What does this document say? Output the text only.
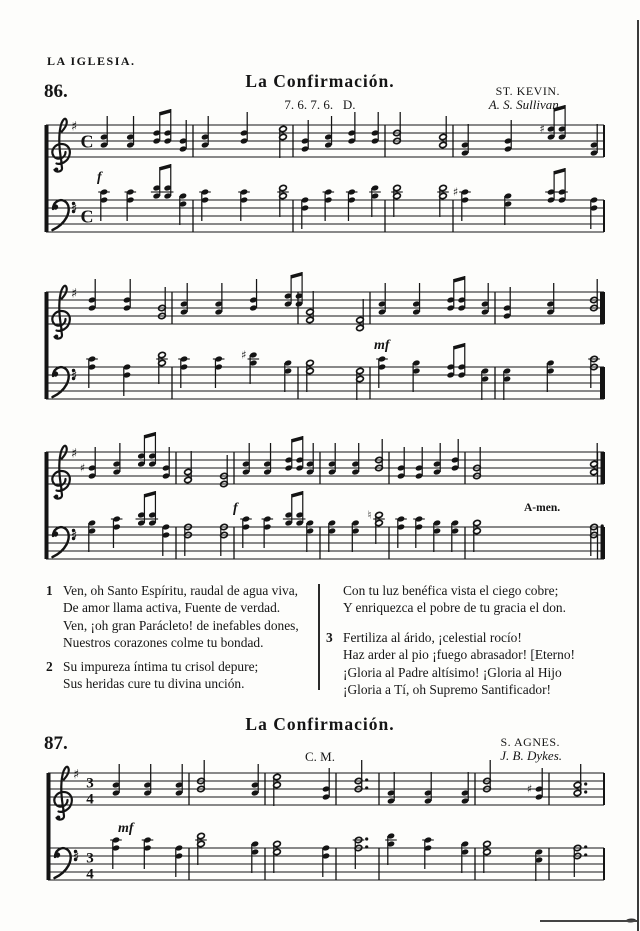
♯
C
♯
♯ C
♯
f
♯
♯
♯
mf
♯
♯
♯
♮
f	A-men.
♯
3
4
♯
♯ 3
4
mf
LA IGLESIA.
La Confirmación.
86.	ST. KEVIN.
7. 6. 7. 6.   D.	A. S. Sullivan.
1 Ven, oh Santo Espíritu, raudal de agua viva,
De amor llama activa, Fuente de verdad.
Ven, ¡oh gran Parácleto! de inefables dones,
Nuestros corazones colme tu bondad.
2 Su impureza íntima tu crisol depure;
Sus heridas cure tu divina unción.
Con tu luz benéfica vista el ciego cobre;
Y enriquezca el pobre de tu gracia el don.
3 Fertiliza al árido, ¡celestial rocío!
Haz arder al pio ¡fuego abrasador! [Eterno!
¡Gloria al Padre altísimo! ¡Gloria al Hijo
¡Gloria a Tí, oh Supremo Santificador!
La Confirmación.
87.	S. AGNES.
C. M.	J. B. Dykes.
